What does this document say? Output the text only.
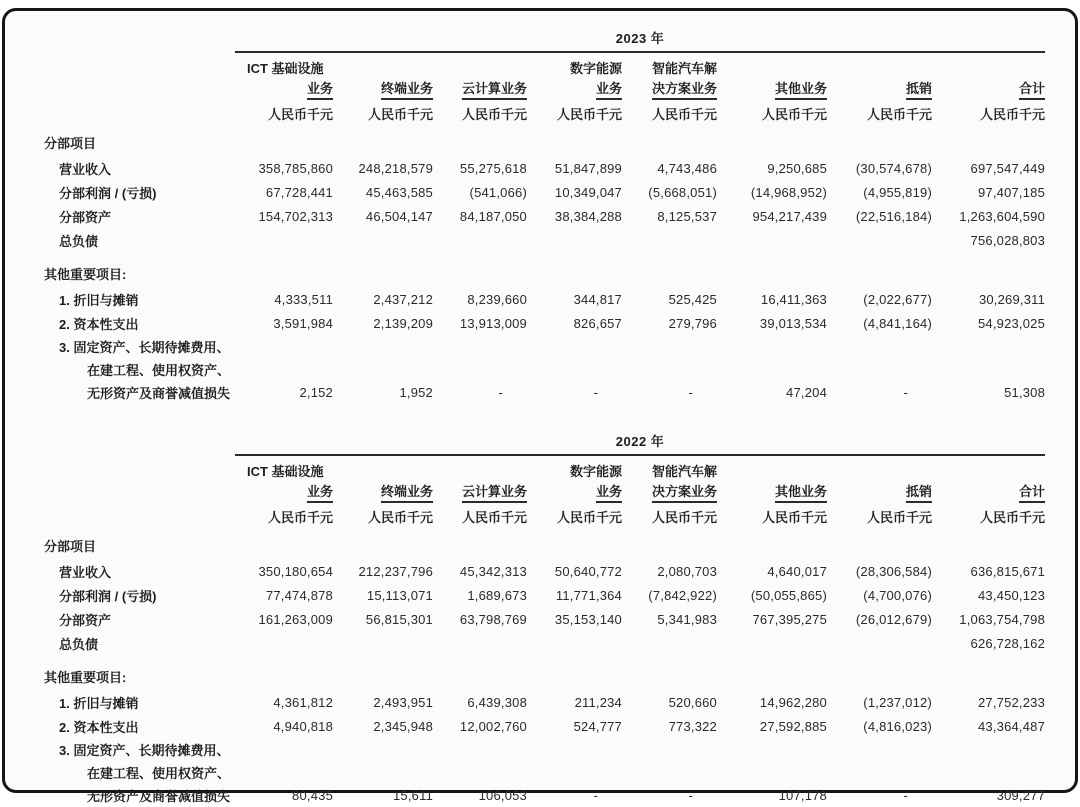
	2023 年							
	ICT 基础设施			数字能源	智能汽车解			
	业务	终端业务	云计算业务	业务	决方案业务	其他业务	抵销	合计
	人民币千元	人民币千元	人民币千元	人民币千元	人民币千元	人民币千元	人民币千元	人民币千元
分部项目								
营业收入	358,785,860	248,218,579	55,275,618	51,847,899	4,743,486	9,250,685	(30,574,678)	697,547,449
分部利润 / (亏损)	67,728,441	45,463,585	(541,066)	10,349,047	(5,668,051)	(14,968,952)	(4,955,819)	97,407,185
分部资产	154,702,313	46,504,147	84,187,050	38,384,288	8,125,537	954,217,439	(22,516,184)	1,263,604,590
总负债								756,028,803
其他重要项目:								
1. 折旧与摊销	4,333,511	2,437,212	8,239,660	344,817	525,425	16,411,363	(2,022,677)	30,269,311
2. 资本性支出	3,591,984	2,139,209	13,913,009	826,657	279,796	39,013,534	(4,841,164)	54,923,025
3. 固定资产、长期待摊费用、								
在建工程、使用权资产、								
无形资产及商誉减值损失	2,152	1,952	-	-	-	47,204	-	51,308
	2022 年							
	ICT 基础设施			数字能源	智能汽车解			
	业务	终端业务	云计算业务	业务	决方案业务	其他业务	抵销	合计
	人民币千元	人民币千元	人民币千元	人民币千元	人民币千元	人民币千元	人民币千元	人民币千元
分部项目								
营业收入	350,180,654	212,237,796	45,342,313	50,640,772	2,080,703	4,640,017	(28,306,584)	636,815,671
分部利润 / (亏损)	77,474,878	15,113,071	1,689,673	11,771,364	(7,842,922)	(50,055,865)	(4,700,076)	43,450,123
分部资产	161,263,009	56,815,301	63,798,769	35,153,140	5,341,983	767,395,275	(26,012,679)	1,063,754,798
总负债								626,728,162
其他重要项目:								
1. 折旧与摊销	4,361,812	2,493,951	6,439,308	211,234	520,660	14,962,280	(1,237,012)	27,752,233
2. 资本性支出	4,940,818	2,345,948	12,002,760	524,777	773,322	27,592,885	(4,816,023)	43,364,487
3. 固定资产、长期待摊费用、								
在建工程、使用权资产、								
无形资产及商誉减值损失	80,435	15,611	106,053	-	-	107,178	-	309,277
